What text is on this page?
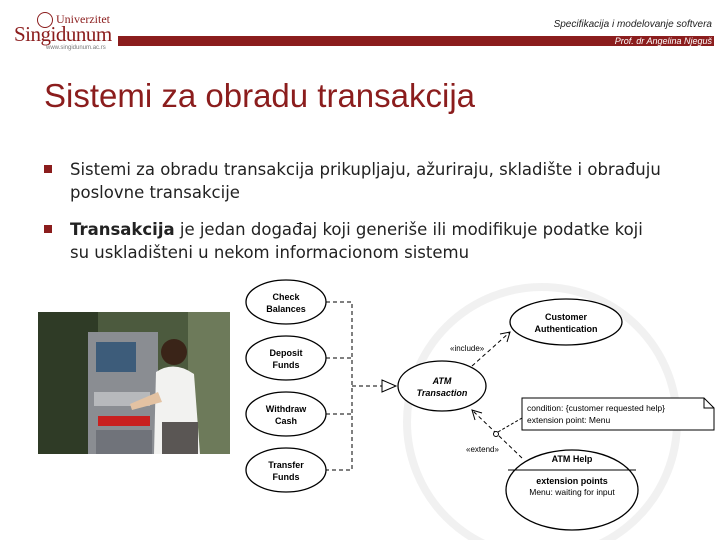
Univerzitet
Singidunum
www.singidunum.ac.rs
Specifikacija i modelovanje softvera
Prof. dr Angelina Njeguš
Sistemi za obradu transakcija
Sistemi za obradu transakcija prikupljaju, ažuriraju, skladište i obrađuju poslovne transakcije
Transakcija je jedan događaj koji generiše ili modifikuje podatke koji su uskladišteni u nekom informacionom sistemu
Check
Balances
Deposit
Funds
Withdraw
Cash
Transfer
Funds
ATM
Transaction
Customer
Authentication
«include»
ATM Help
extension points
Menu: waiting for input
«extend»
condition: {customer requested help}
extension point: Menu
